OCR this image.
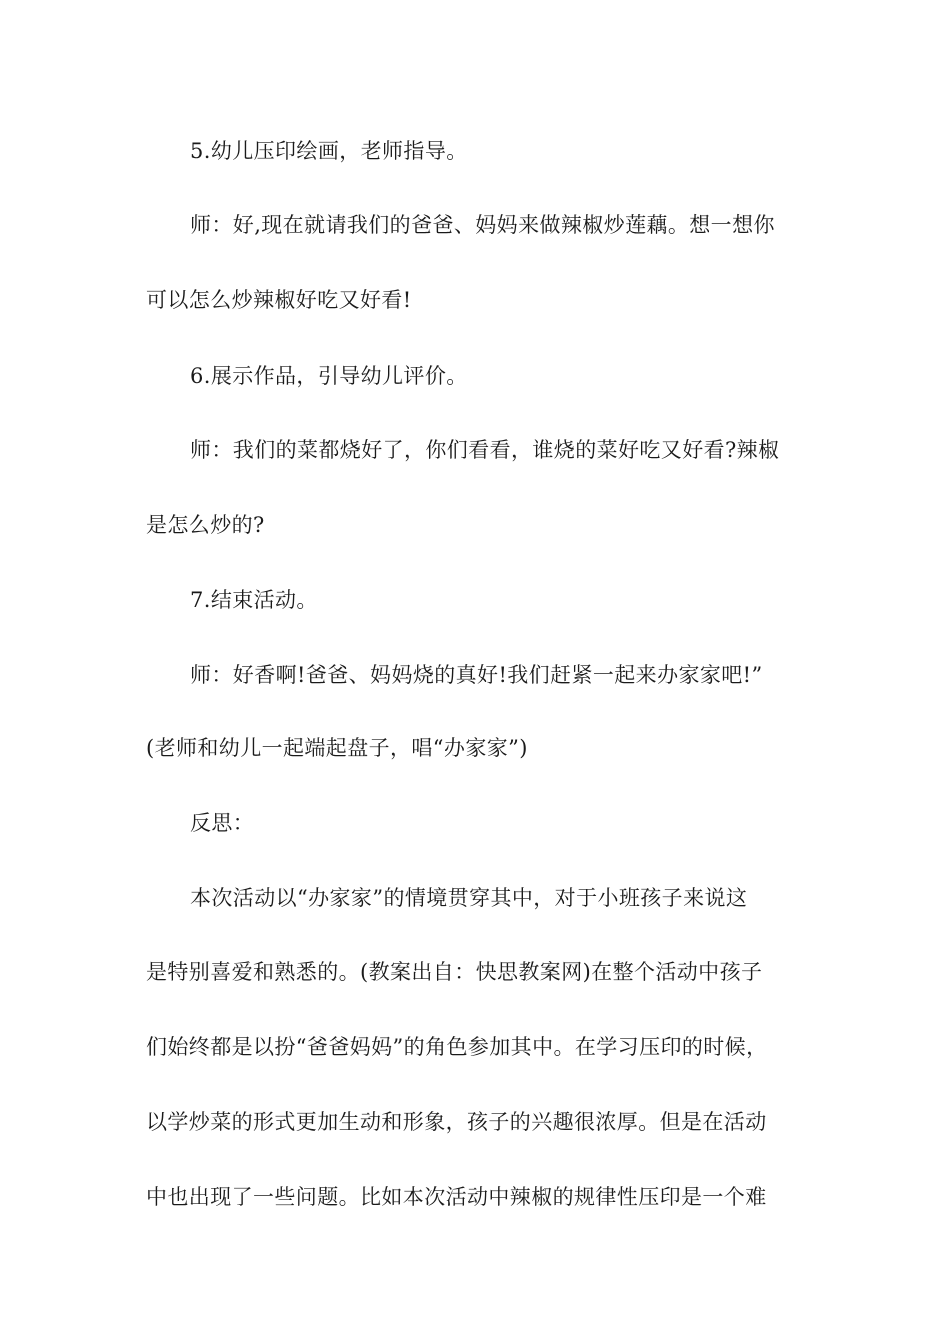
5.幼儿压印绘画，老师指导。
师：好,现在就请我们的爸爸、妈妈来做辣椒炒莲藕。想一想你
可以怎么炒辣椒好吃又好看!
6.展示作品，引导幼儿评价。
师：我们的菜都烧好了，你们看看，谁烧的菜好吃又好看?辣椒
是怎么炒的?
7.结束活动。
师：好香啊!爸爸、妈妈烧的真好!我们赶紧一起来办家家吧!”
(老师和幼儿一起端起盘子，唱“办家家”)
反思：
本次活动以“办家家”的情境贯穿其中，对于小班孩子来说这
是特别喜爱和熟悉的。(教案出自：快思教案网)在整个活动中孩子
们始终都是以扮“爸爸妈妈”的角色参加其中。在学习压印的时候，
以学炒菜的形式更加生动和形象，孩子的兴趣很浓厚。但是在活动
中也出现了一些问题。比如本次活动中辣椒的规律性压印是一个难
